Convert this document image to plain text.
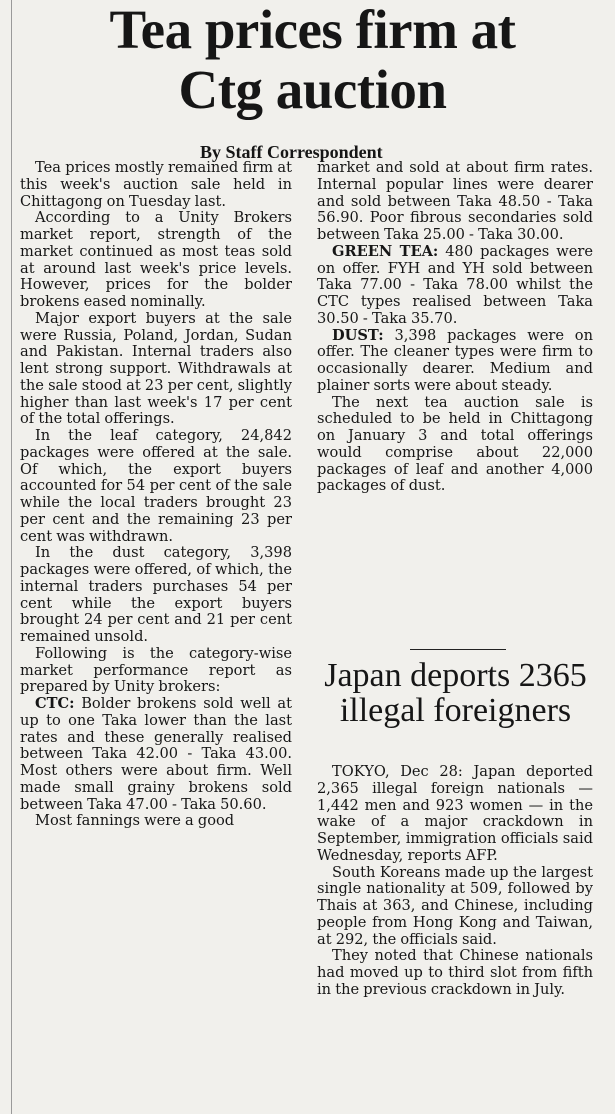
Tea prices firm at
Ctg auction
By Staff Correspondent

Tea prices mostly remained firm at this week's auction sale held in Chittagong on Tuesday last.

According to a Unity Brokers market report, strength of the market continued as most teas sold at around last week's price levels. However, prices for the bolder brokens eased nominally.

Major export buyers at the sale were Russia, Poland, Jordan, Sudan and Pakistan. Internal traders also lent strong support. Withdrawals at the sale stood at 23 per cent, slightly higher than last week's 17 per cent of the total offerings.

In the leaf category, 24,842 packages were offered at the sale. Of which, the export buyers accounted for 54 per cent of the sale while the local traders brought 23 per cent and the remaining 23 per cent was withdrawn.

In the dust category, 3,398 packages were offered, of which, the internal traders purchases 54 per cent while the export buyers brought 24 per cent and 21 per cent remained unsold.

Following is the category-wise market performance report as prepared by Unity brokers:

CTC: Bolder brokens sold well at up to one Taka lower than the last rates and these generally realised between Taka 42.00 - Taka 43.00. Most others were about firm. Well made small grainy brokens sold between Taka 47.00 - Taka 50.60.

Most fannings were a good

market and sold at about firm rates. Internal popular lines were dearer and sold between Taka 48.50 - Taka 56.90. Poor fibrous secondaries sold between Taka 25.00 - Taka 30.00.

GREEN TEA: 480 packages were on offer. FYH and YH sold between Taka 77.00 - Taka 78.00 whilst the CTC types realised between Taka 30.50 - Taka 35.70.

DUST: 3,398 packages were on offer. The cleaner types were firm to occasionally dearer. Medium and plainer sorts were about steady.

The next tea auction sale is scheduled to be held in Chittagong on January 3 and total offerings would comprise about 22,000 packages of leaf and another 4,000 packages of dust.

Japan deports 2365 illegal foreigners

TOKYO, Dec 28: Japan deported 2,365 illegal foreign nationals — 1,442 men and 923 women — in the wake of a major crackdown in September, immigration officials said Wednesday, reports AFP.

South Koreans made up the largest single nationality at 509, followed by Thais at 363, and Chinese, including people from Hong Kong and Taiwan, at 292, the officials said.

They noted that Chinese nationals had moved up to third slot from fifth in the previous crackdown in July.
